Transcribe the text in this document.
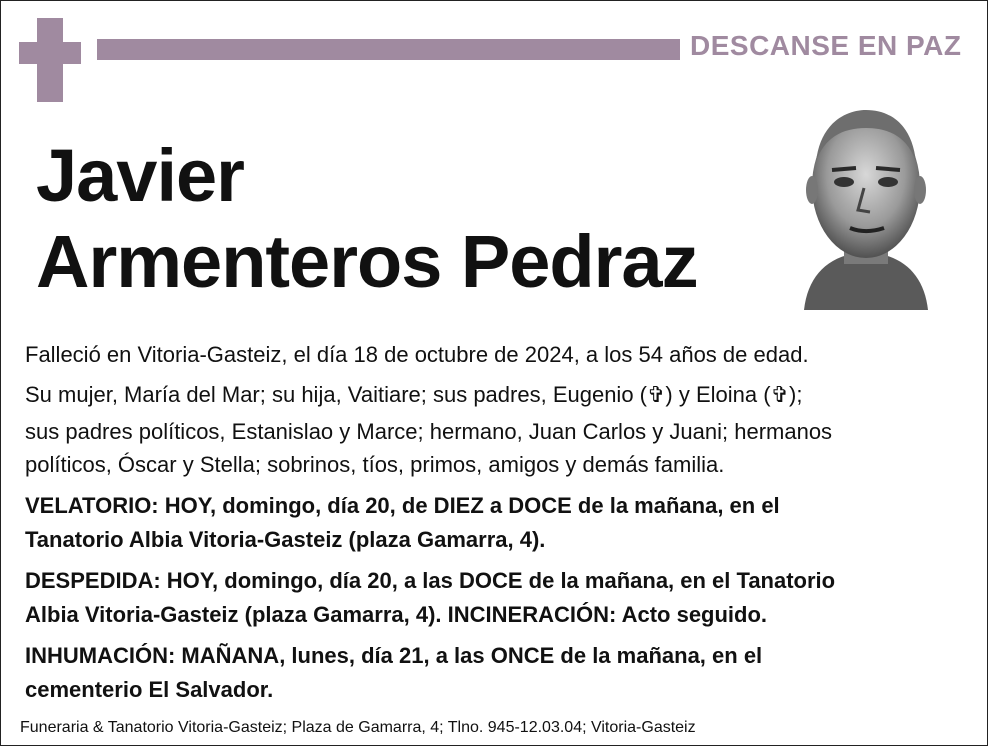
DESCANSE EN PAZ
Javier
Armenteros Pedraz
Falleció en Vitoria-Gasteiz, el día 18 de octubre de 2024, a los 54 años de edad.
Su mujer, María del Mar; su hija, Vaitiare; sus padres, Eugenio (✞) y Eloina (✞);
sus padres políticos, Estanislao y Marce; hermano, Juan Carlos y Juani; hermanos
políticos, Óscar y Stella; sobrinos, tíos, primos, amigos y demás familia.
VELATORIO: HOY, domingo, día 20, de DIEZ a DOCE de la mañana, en el
Tanatorio Albia Vitoria-Gasteiz (plaza Gamarra, 4).
DESPEDIDA: HOY, domingo, día 20, a las DOCE de la mañana, en el Tanatorio
Albia Vitoria-Gasteiz (plaza Gamarra, 4). INCINERACIÓN: Acto seguido.
INHUMACIÓN: MAÑANA, lunes, día 21, a las ONCE de la mañana, en el
cementerio El Salvador.
Funeraria & Tanatorio Vitoria-Gasteiz; Plaza de Gamarra, 4; Tlno. 945-12.03.04; Vitoria-Gasteiz
